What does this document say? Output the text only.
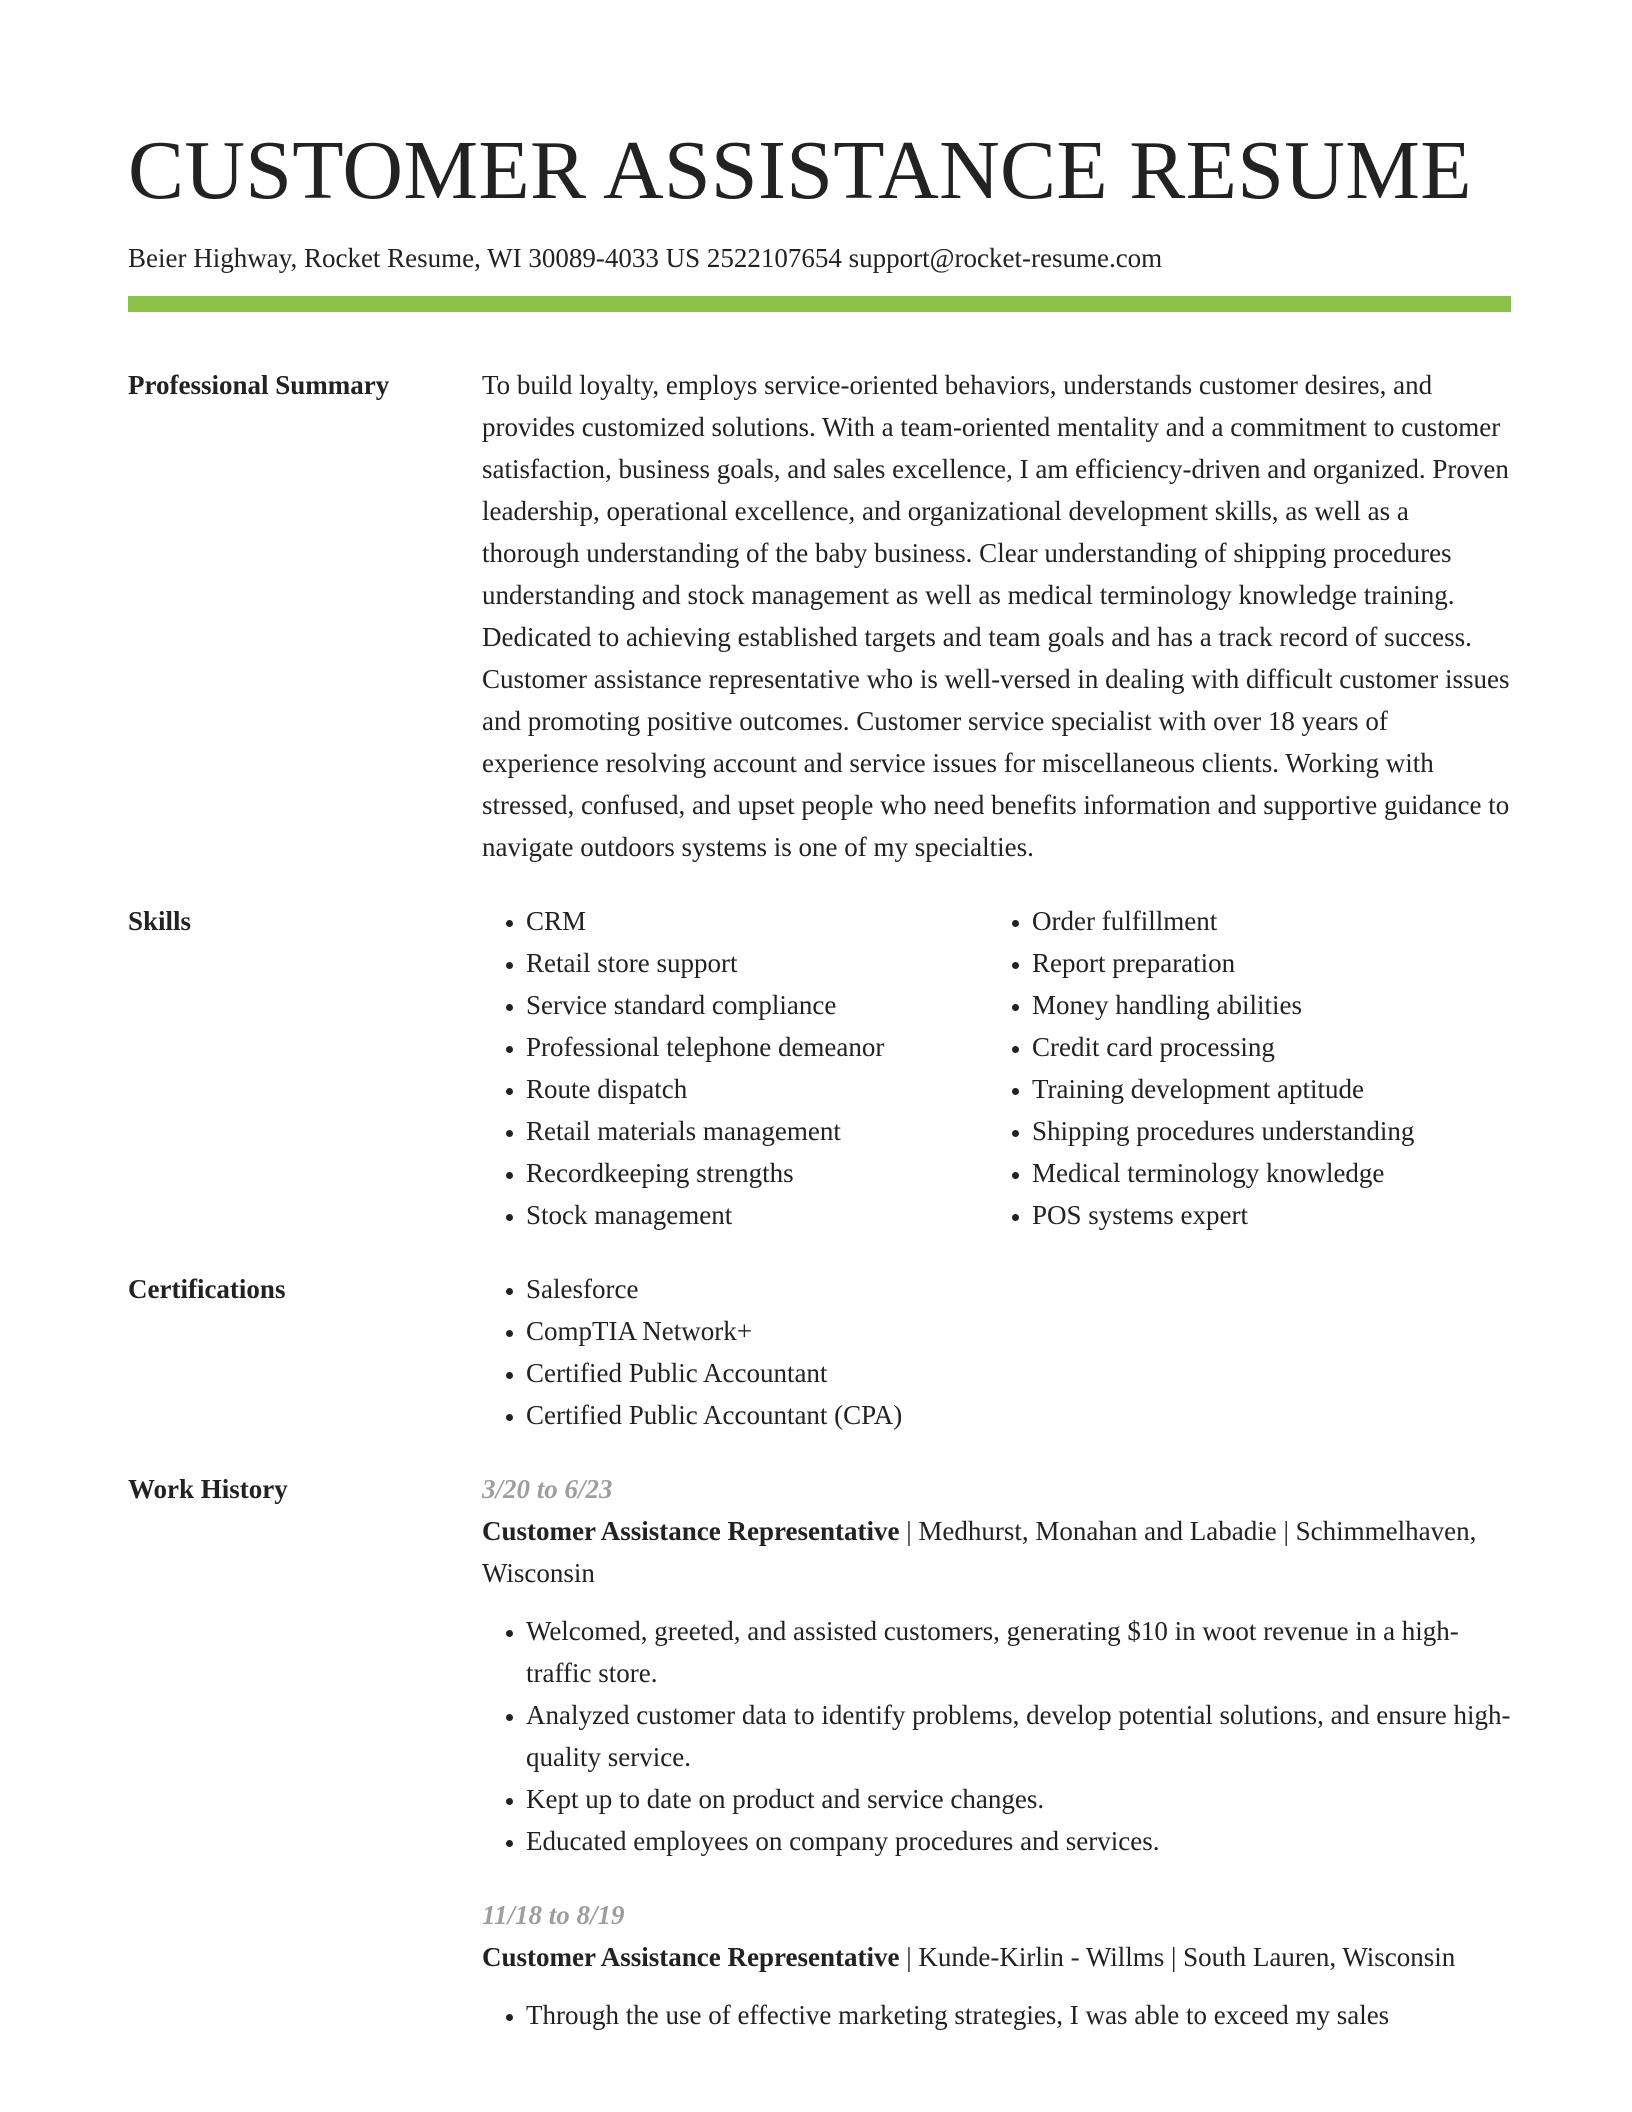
CUSTOMER ASSISTANCE RESUME
Beier Highway, Rocket Resume, WI 30089-4033 US 2522107654 support@rocket-resume.com
Professional Summary	To build loyalty, employs service-oriented behaviors, understands customer desires, and provides customized solutions. With a team-oriented mentality and a commitment to customer satisfaction, business goals, and sales excellence, I am efficiency-driven and organized. Proven leadership, operational excellence, and organizational development skills, as well as a thorough understanding of the baby business. Clear understanding of shipping procedures understanding and stock management as well as medical terminology knowledge training. Dedicated to achieving established targets and team goals and has a track record of success. Customer assistance representative who is well-versed in dealing with difficult customer issues and promoting positive outcomes. Customer service specialist with over 18 years of experience resolving account and service issues for miscellaneous clients. Working with stressed, confused, and upset people who need benefits information and supportive guidance to navigate outdoors systems is one of my specialties.

Skills	• CRM
• Retail store support
• Service standard compliance
• Professional telephone demeanor
• Route dispatch
• Retail materials management
• Recordkeeping strengths
• Stock management
• Order fulfillment
• Report preparation
• Money handling abilities
• Credit card processing
• Training development aptitude
• Shipping procedures understanding
• Medical terminology knowledge
• POS systems expert
Certifications	• Salesforce
• CompTIA Network+
• Certified Public Accountant
• Certified Public Accountant (CPA)
Work History	3/20 to 6/23
Customer Assistance Representative | Medhurst, Monahan and Labadie | Schimmelhaven, Wisconsin
• Welcomed, greeted, and assisted customers, generating $10 in woot revenue in a high-traffic store.
• Analyzed customer data to identify problems, develop potential solutions, and ensure high-quality service.
• Kept up to date on product and service changes.
• Educated employees on company procedures and services.
11/18 to 8/19
Customer Assistance Representative | Kunde-Kirlin - Willms | South Lauren, Wisconsin
• Through the use of effective marketing strategies, I was able to exceed my sales
